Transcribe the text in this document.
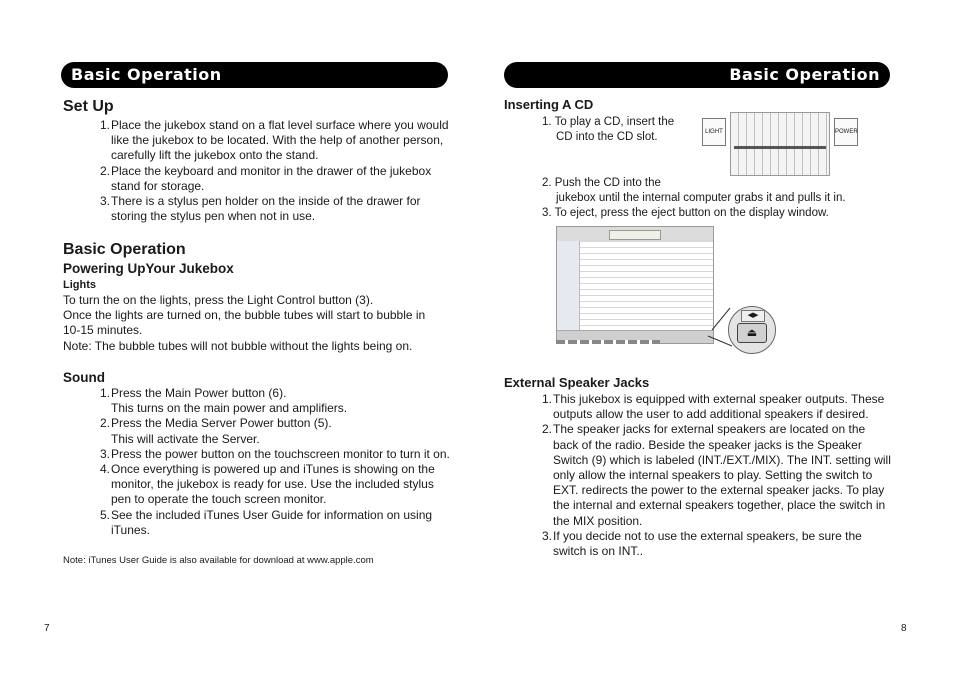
Basic Operation
Set Up
1.Place the jukebox stand on a flat level surface where you would like the jukebox to be located. With the help of another person, carefully lift the jukebox onto the stand.
2.Place the keyboard and monitor in the drawer of the jukebox stand for storage.
3.There is a stylus pen holder on the inside of the drawer for storing the stylus pen when not in use.
Basic Operation
Powering UpYour Jukebox
Lights

To turn the on the lights, press the Light Control button (3).

Once the lights are turned on, the bubble tubes will start to bubble in 10-15 minutes.

Note: The bubble tubes will not bubble without the lights being on.

Sound
1.Press the Main Power button (6).
This turns on the main power and amplifiers.
2.Press the Media Server Power button (5).
This will activate the Server.
3.Press the power button on the touchscreen monitor to turn it on.
4.Once everything is powered up and iTunes is showing on the monitor, the jukebox is ready for use. Use the included stylus pen to operate the touch screen monitor.
5.See the included iTunes User Guide for information on using iTunes.
Note: iTunes User Guide is also available for download at www.apple.com
7
Basic Operation
Inserting A CD
1. To play a CD, insert the
CD into the CD slot.	LIGHT	POWER
2. Push the CD into the
jukebox until the internal computer grabs it and pulls it in.
3. To eject, press the eject button on the display window.
◀▶
⏏
External Speaker Jacks
1.This jukebox is equipped with external speaker outputs. These outputs allow the user to add additional speakers if desired.
2.The speaker jacks for external speakers are located on the back of the radio. Beside the speaker jacks is the Speaker Switch (9) which is labeled (INT./EXT./MIX). The INT. setting will only allow the internal speakers to play. Setting the switch to EXT. redirects the power to the external speaker jacks. To play the internal and external speakers together, place the switch in the MIX position.
3.If you decide not to use the external speakers, be sure the switch is on INT..
8
